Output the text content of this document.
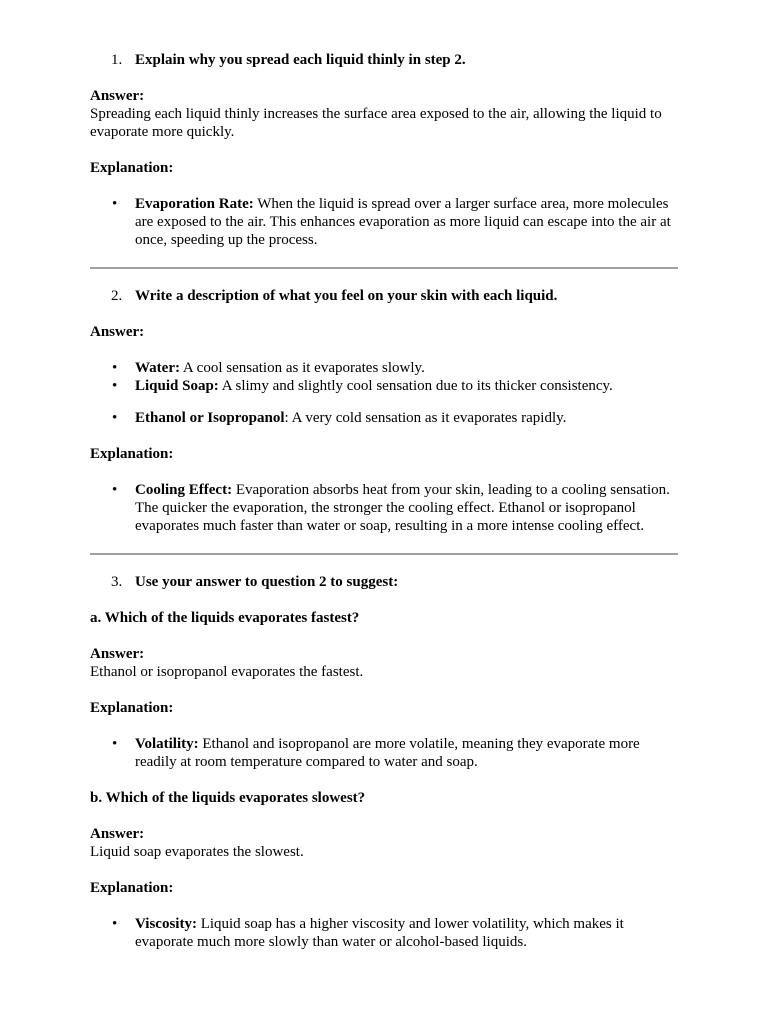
1. Explain why you spread each liquid thinly in step 2.

Answer:

Spreading each liquid thinly increases the surface area exposed to the air, allowing the liquid to evaporate more quickly.

Explanation:

•	Evaporation Rate: When the liquid is spread over a larger surface area, more molecules are exposed to the air. This enhances evaporation as more liquid can escape into the air at once, speeding up the process.
2. Write a description of what you feel on your skin with each liquid.

Answer:

•	Water: A cool sensation as it evaporates slowly.
•	Liquid Soap: A slimy and slightly cool sensation due to its thicker consistency.
•	Ethanol or Isopropanol: A very cold sensation as it evaporates rapidly.

Explanation:

•	Cooling Effect: Evaporation absorbs heat from your skin, leading to a cooling sensation. The quicker the evaporation, the stronger the cooling effect. Ethanol or isopropanol evaporates much faster than water or soap, resulting in a more intense cooling effect.
3. Use your answer to question 2 to suggest:

a. Which of the liquids evaporates fastest?

Answer:

Ethanol or isopropanol evaporates the fastest.

Explanation:

•	Volatility: Ethanol and isopropanol are more volatile, meaning they evaporate more readily at room temperature compared to water and soap.

b. Which of the liquids evaporates slowest?

Answer:

Liquid soap evaporates the slowest.

Explanation:

•	Viscosity: Liquid soap has a higher viscosity and lower volatility, which makes it evaporate much more slowly than water or alcohol-based liquids.
